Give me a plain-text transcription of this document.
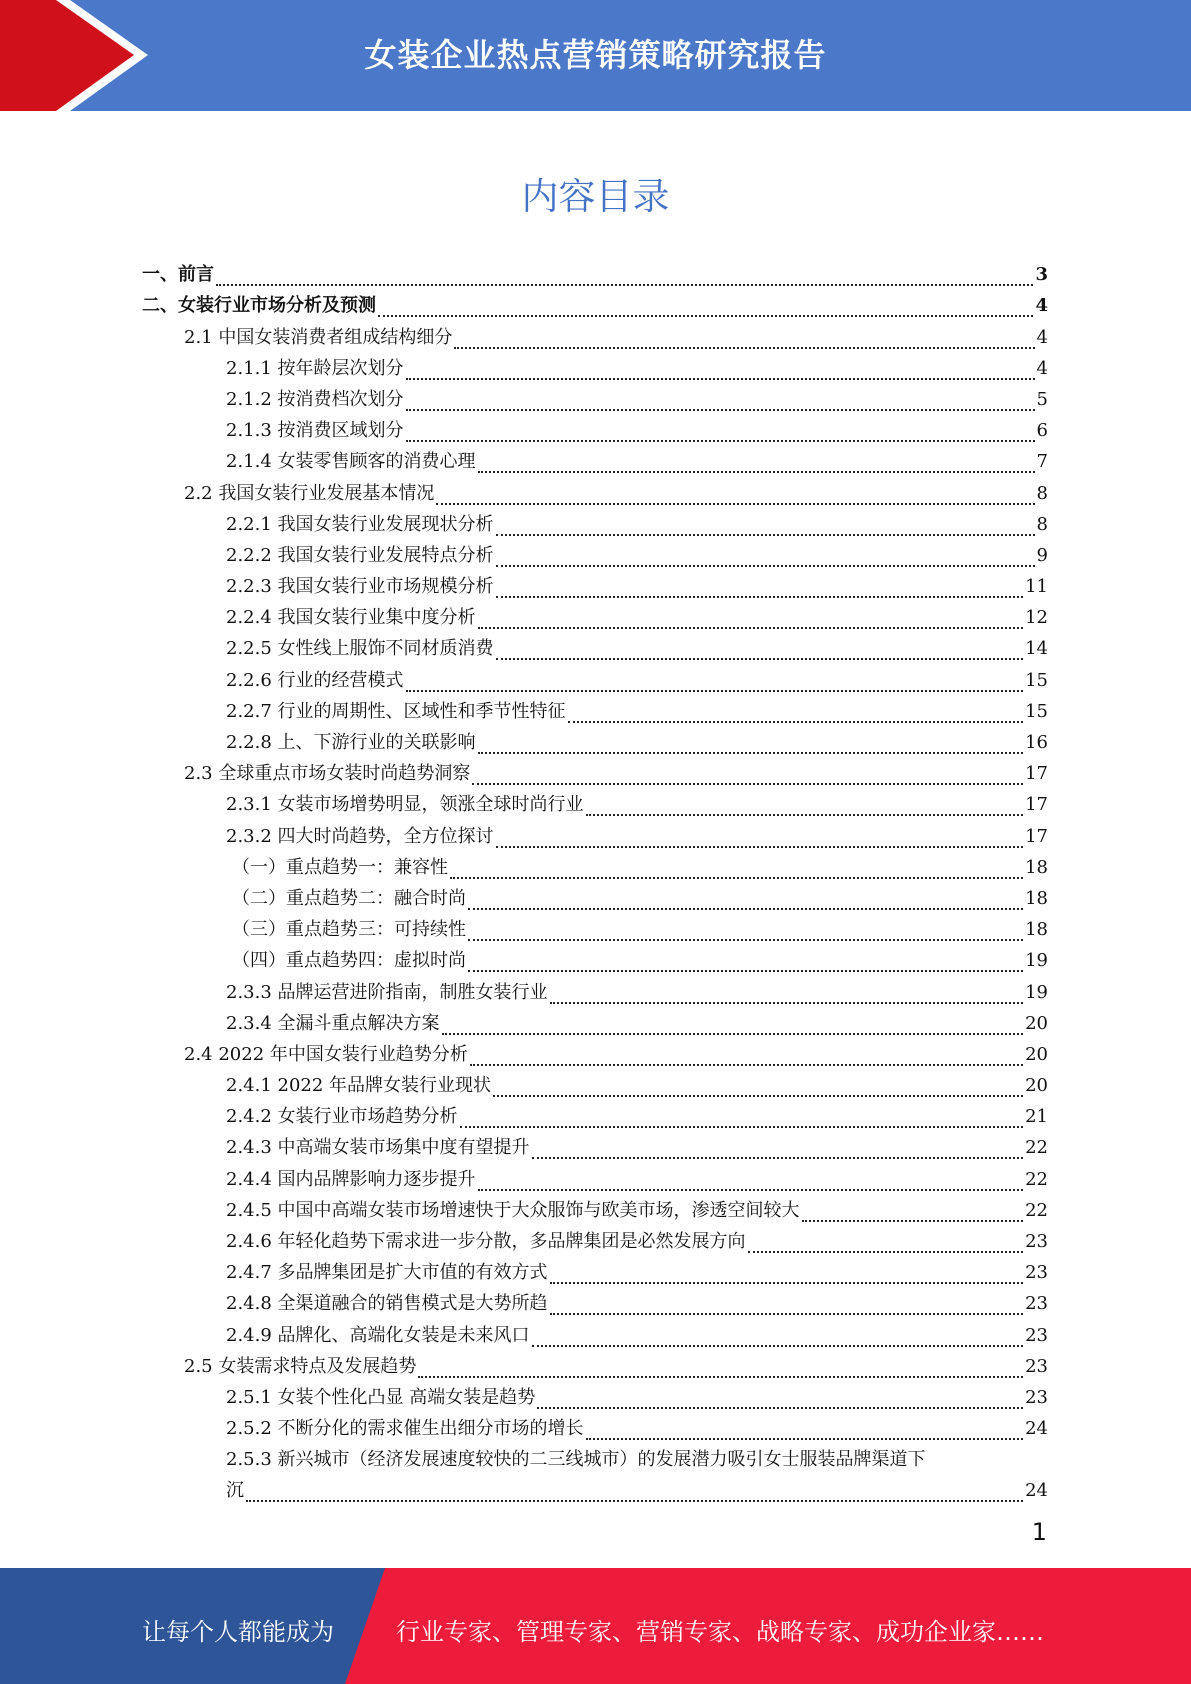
女装企业热点营销策略研究报告
内容目录
一、前言	3
二、女装行业市场分析及预测	4
2.1 中国女装消费者组成结构细分	4
2.1.1 按年龄层次划分	4
2.1.2 按消费档次划分	5
2.1.3 按消费区域划分	6
2.1.4 女装零售顾客的消费心理	7
2.2 我国女装行业发展基本情况	8
2.2.1 我国女装行业发展现状分析	8
2.2.2 我国女装行业发展特点分析	9
2.2.3 我国女装行业市场规模分析	11
2.2.4 我国女装行业集中度分析	12
2.2.5 女性线上服饰不同材质消费	14
2.2.6 行业的经营模式	15
2.2.7 行业的周期性、区域性和季节性特征	15
2.2.8 上、下游行业的关联影响	16
2.3 全球重点市场女装时尚趋势洞察	17
2.3.1 女装市场增势明显，领涨全球时尚行业	17
2.3.2 四大时尚趋势，全方位探讨	17
（一）重点趋势一：兼容性	18
（二）重点趋势二：融合时尚	18
（三）重点趋势三：可持续性	18
（四）重点趋势四：虚拟时尚	19
2.3.3 品牌运营进阶指南，制胜女装行业	19
2.3.4 全漏斗重点解决方案	20
2.4 2022 年中国女装行业趋势分析	20
2.4.1 2022 年品牌女装行业现状	20
2.4.2 女装行业市场趋势分析	21
2.4.3 中高端女装市场集中度有望提升	22
2.4.4 国内品牌影响力逐步提升	22
2.4.5 中国中高端女装市场增速快于大众服饰与欧美市场，渗透空间较大	22
2.4.6 年轻化趋势下需求进一步分散，多品牌集团是必然发展方向	23
2.4.7 多品牌集团是扩大市值的有效方式	23
2.4.8 全渠道融合的销售模式是大势所趋	23
2.4.9 品牌化、高端化女装是未来风口	23
2.5 女装需求特点及发展趋势	23
2.5.1 女装个性化凸显 高端女装是趋势	23
2.5.2 不断分化的需求催生出细分市场的增长	24
2.5.3 新兴城市（经济发展速度较快的二三线城市）的发展潜力吸引女士服装品牌渠道下
沉	24
1
让每个人都能成为	行业专家、管理专家、营销专家、战略专家、成功企业家……
